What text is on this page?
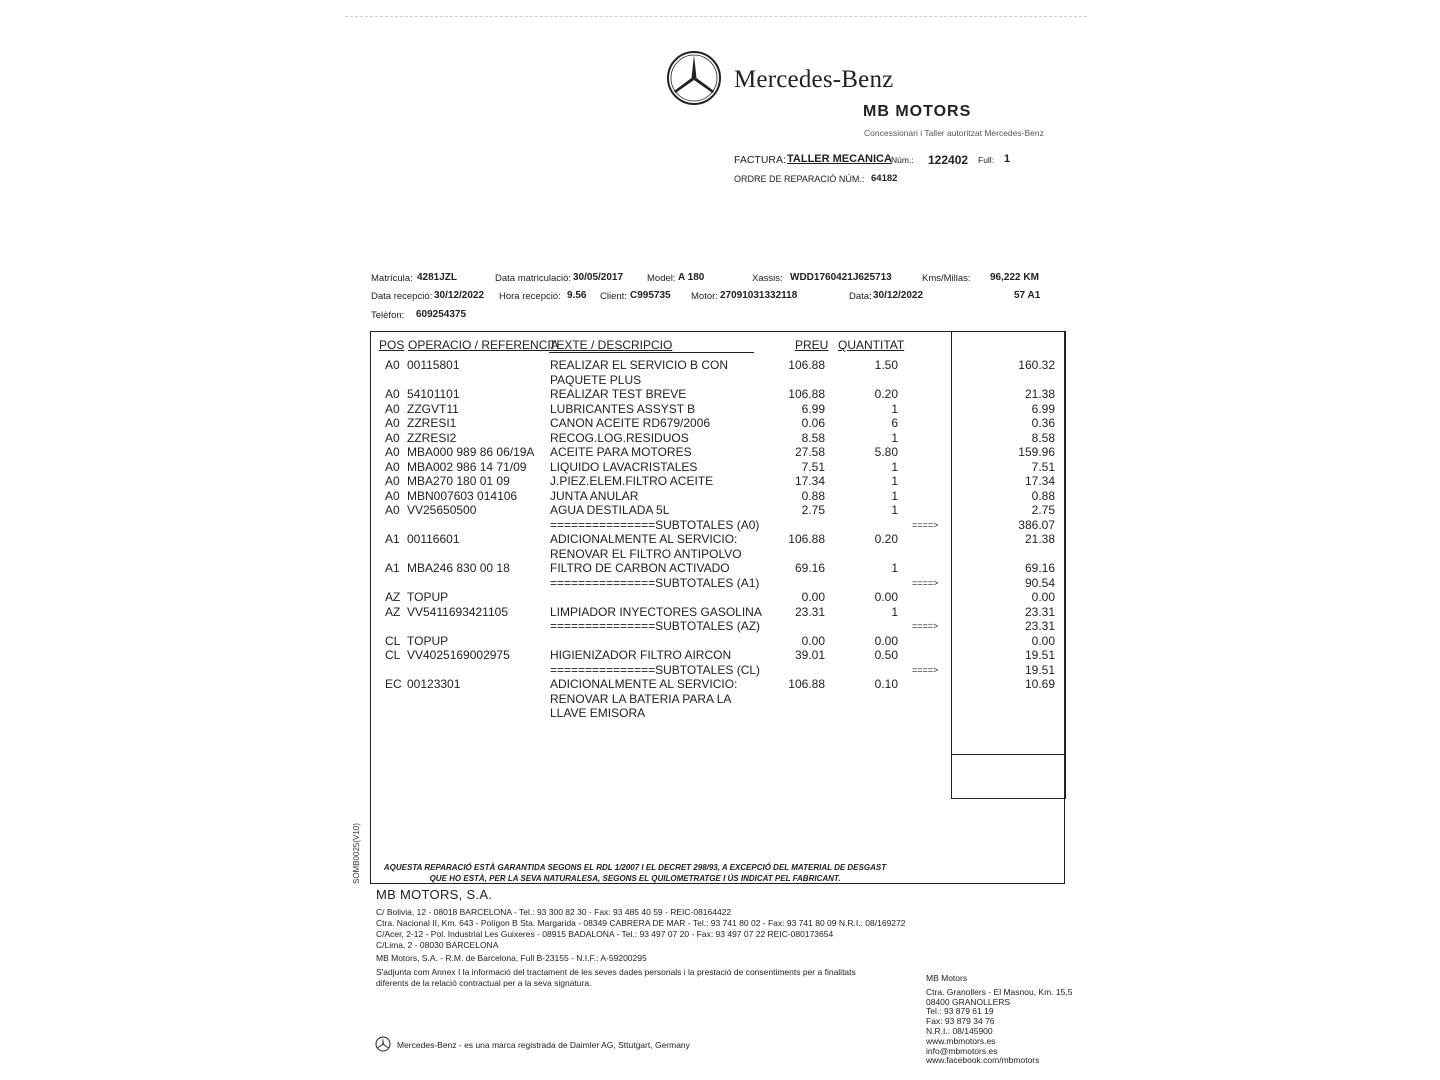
Mercedes-Benz
MB MOTORS
Concessionari i Taller autoritzat Mercedes-Benz
FACTURA: TALLER MECANICA Núm.: 122402 Full: 1
ORDRE DE REPARACIÓ NÚM.: 64182
Matrícula: 4281JZL	Data matriculació: 30/05/2017	Model: A 180	Xassis: WDD1760421J625713	Kms/Millas: 96,222 KM
Data recepció: 30/12/2022 Hora recepció: 9.56 Client: C995735 Motor: 27091031332118	Data: 30/12/2022	57 A1
Telèfon: 609254375
POS OPERACIO / REFERENCIA
TEXTE / DESCRIPCIO	PREU QUANTITAT
A0 00115801	REALIZAR EL SERVICIO B CON	106.88	1.50	160.32
PAQUETE PLUS
A0 54101101	REALIZAR TEST BREVE	106.88	0.20	21.38
A0 ZZGVT11	LUBRICANTES ASSYST B	6.99	1	6.99
A0 ZZRESI1	CANON ACEITE RD679/2006	0.06	6	0.36
A0 ZZRESI2	RECOG.LOG.RESIDUOS	8.58	1	8.58
A0 MBA000 989 86 06/19A ACEITE PARA MOTORES	27.58	5.80	159.96
A0 MBA002 986 14 71/09 LIQUIDO LAVACRISTALES	7.51	1	7.51
A0 MBA270 180 01 09	J.PIEZ.ELEM.FILTRO ACEITE	17.34	1	17.34
A0 MBN007603 014106	JUNTA ANULAR	0.88	1	0.88
A0 VV25650500	AGUA DESTILADA 5L	2.75	1	2.75
===============SUBTOTALES (A0)	====>	386.07
A1 00116601	ADICIONALMENTE AL SERVICIO:	106.88	0.20	21.38
RENOVAR EL FILTRO ANTIPOLVO
A1 MBA246 830 00 18	FILTRO DE CARBON ACTIVADO	69.16	1	69.16
===============SUBTOTALES (A1)	====>	90.54
AZ TOPUP	0.00	0.00	0.00
AZ VV5411693421105	LIMPIADOR INYECTORES GASOLINA	23.31	1	23.31
===============SUBTOTALES (AZ)	====>	23.31
CL TOPUP	0.00	0.00	0.00
CL VV4025169002975	HIGIENIZADOR FILTRO AIRCON	39.01	0.50	19.51
===============SUBTOTALES (CL)	====>	19.51
EC 00123301	ADICIONALMENTE AL SERVICIO:	106.88	0.10	10.69
RENOVAR LA BATERIA PARA LA
LLAVE EMISORA
SOMB0025(V10)	AQUESTA REPARACIÓ ESTÀ GARANTIDA SEGONS EL RDL 1/2007 I EL DECRET 298/93, A EXCEPCIÓ DEL MATERIAL DE DESGAST
QUE HO ESTÀ, PER LA SEVA NATURALESA, SEGONS EL QUILOMETRATGE I ÚS INDICAT PEL FABRICANT.
MB MOTORS, S.A.
C/ Bolivia, 12 - 08018 BARCELONA - Tel.: 93 300 82 30 - Fax: 93 485 40 59 - REIC-08164422
Ctra. Nacional II, Km. 643 - Polígon B Sta. Margarida - 08349 CABRERA DE MAR - Tel.: 93 741 80 02 - Fax: 93 741 80 09 N.R.I.: 08/169272
C/Acer, 2-12 - Pol. Industrial Les Guixeres - 08915 BADALONA - Tel.: 93 497 07 20 - Fax: 93 497 07 22 REIC-080173654
C/Lima, 2 - 08030 BARCELONA
MB Motors, S.A. - R.M. de Barcelona, Full B-23155 - N.I.F.: A-59200295
S'adjunta com Annex I la informació del tractament de les seves dades personals i la prestació de consentiments per a finalitats
diferents de la relació contractual per a la seva signatura.	MB Motors
Ctra. Granollers - El Masnou, Km. 15,5
08400 GRANOLLERS
Tel.: 93 879 61 19
Fax: 93 879 34 76
N.R.I.: 08/145900
www.mbmotors.es
info@mbmotors.es
www.facebook.com/mbmotors
Mercedes-Benz - es una marca registrada de Daimler AG, Sttutgart, Germany
